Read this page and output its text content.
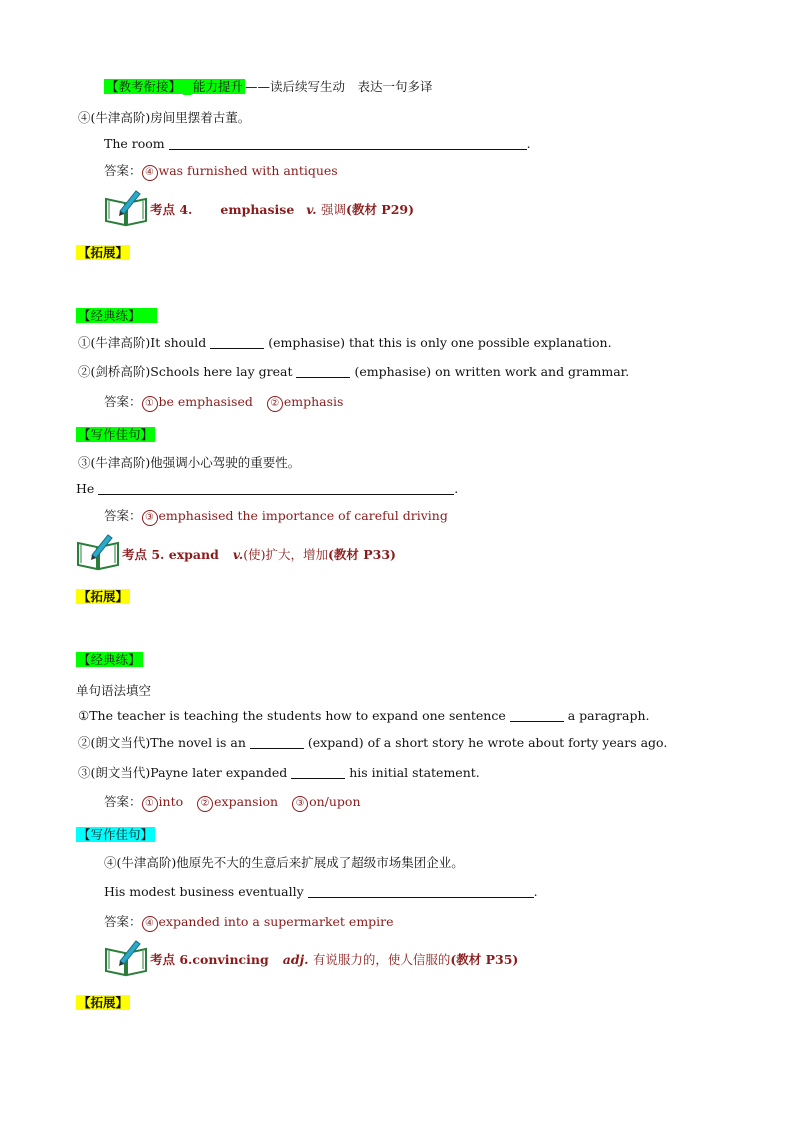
【教考衔接】 能力提升 ——读后续写生动　表达一句多译
④(牛津高阶)房间里摆着古董。
The room	.
答案： ④ was furnished with antiques
考点 4. emphasise v. 强调(教材 P29)
【拓展】
【经典练】
①(牛津高阶)It should	(emphasise) that this is only one possible explanation.
②(剑桥高阶)Schools here lay great	(emphasise) on written work and grammar.
答案： ① be emphasised ② emphasis
【写作佳句】
③(牛津高阶)他强调小心驾驶的重要性。
He	.
答案： ③ emphasised the importance of careful driving
考点 5. expand v.(使)扩大，增加(教材 P33)
【拓展】
【经典练】
单句语法填空
①The teacher is teaching the students how to expand one sentence	a paragraph.
②(朗文当代)The novel is an	(expand) of a short story he wrote about forty years ago.
③(朗文当代)Payne later expanded	his initial statement.
答案： ① into ② expansion ③ on/upon
【写作佳句】
④(牛津高阶)他原先不大的生意后来扩展成了超级市场集团企业。
His modest business eventually	.
答案： ④ expanded into a supermarket empire
考点 6.convincing adj. 有说服力的，使人信服的(教材 P35)
【拓展】
